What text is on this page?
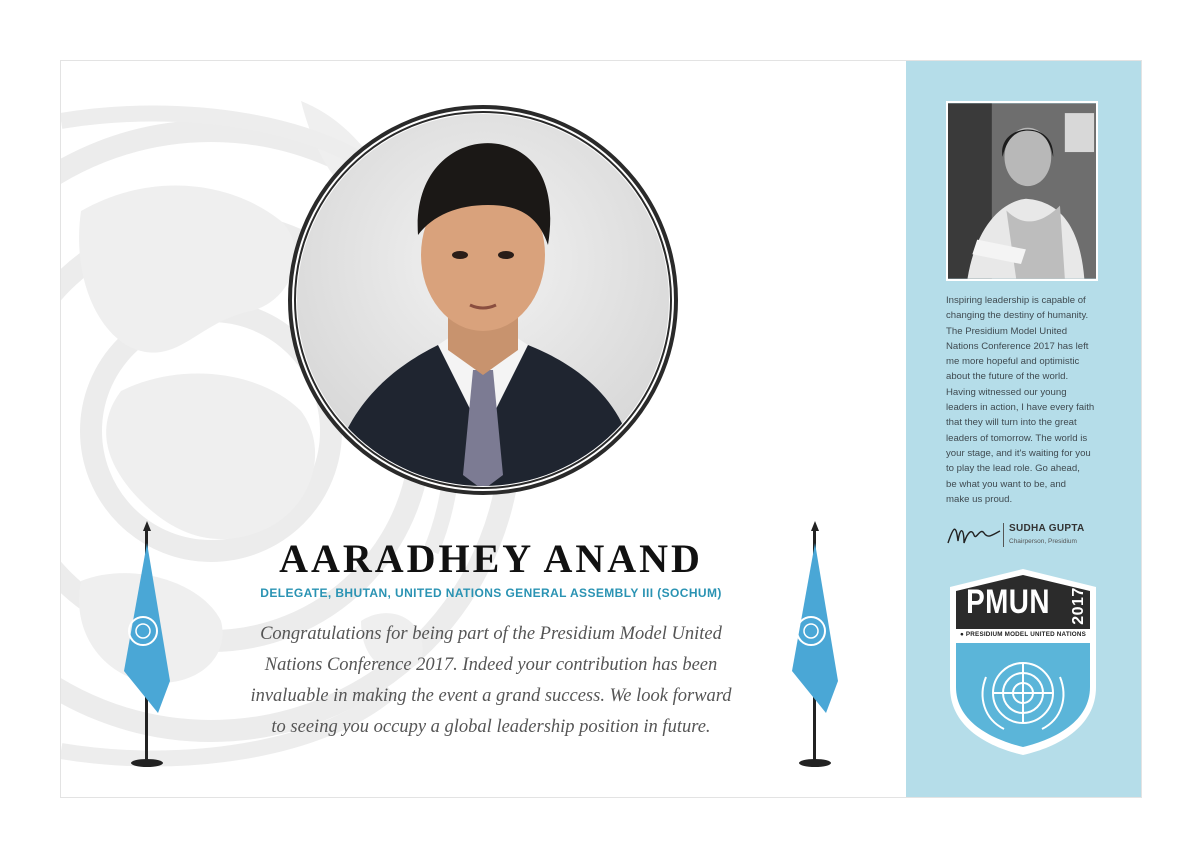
AARADHEY ANAND

DELEGATE, BHUTAN, UNITED NATIONS GENERAL ASSEMBLY III (SOCHUM)

Congratulations for being part of the Presidium Model United
Nations Conference 2017. Indeed your contribution has been
invaluable in making the event a grand success. We look forward
to seeing you occupy a global leadership position in future.

Inspiring leadership is capable of
changing the destiny of humanity.
The Presidium Model United
Nations Conference 2017 has left
me more hopeful and optimistic
about the future of the world.
Having witnessed our young
leaders in action, I have every faith
that they will turn into the great
leaders of tomorrow. The world is
your stage, and it's waiting for you
to play the lead role. Go ahead,
be what you want to be, and
make us proud.

SUDHA GUPTA

Chairperson, Presidium

PMUN 2017

● PRESIDIUM MODEL UNITED NATIONS
